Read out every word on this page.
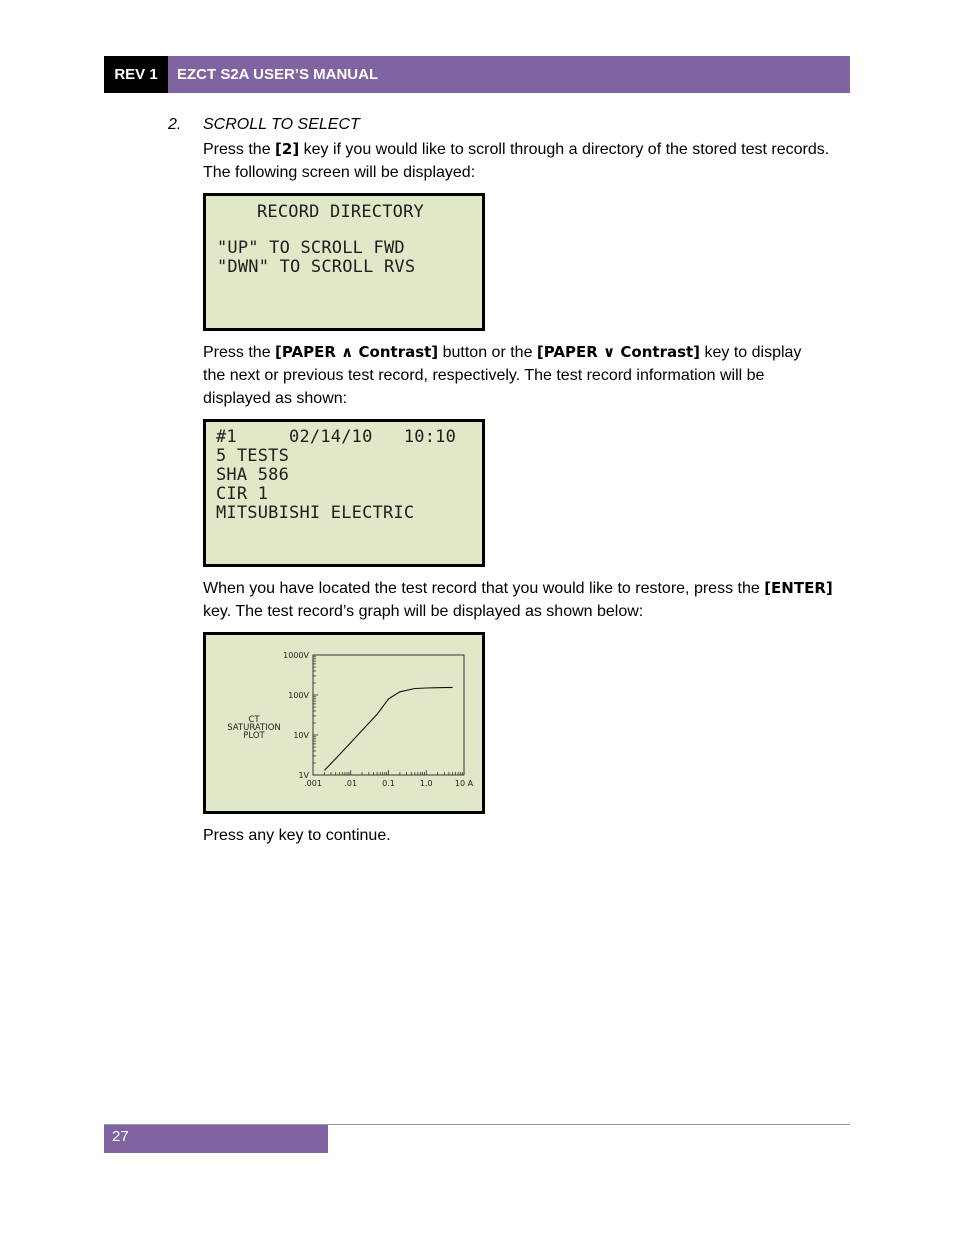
REV 1	EZCT S2A USER’S MANUAL
2. SCROLL TO SELECT
Press the [2] key if you would like to scroll through a directory of the stored test records. The following screen will be displayed:
RECORD DIRECTORY
"UP" TO SCROLL FWD
"DWN" TO SCROLL RVS
Press the [PAPER ∧ Contrast] button or the [PAPER ∨ Contrast] key to display the next or previous test record, respectively. The test record information will be displayed as shown:
#1     02/14/10   10:10
5 TESTS
SHA 586
CIR 1
MITSUBISHI ELECTRIC
When you have located the test record that you would like to restore, press the [ENTER] key. The test record’s graph will be displayed as shown below:
CT
SATURATION
PLOT
1000V
100V
10V
1V
.001	.01	0.1	1.0	10 A
Press any key to continue.
27
